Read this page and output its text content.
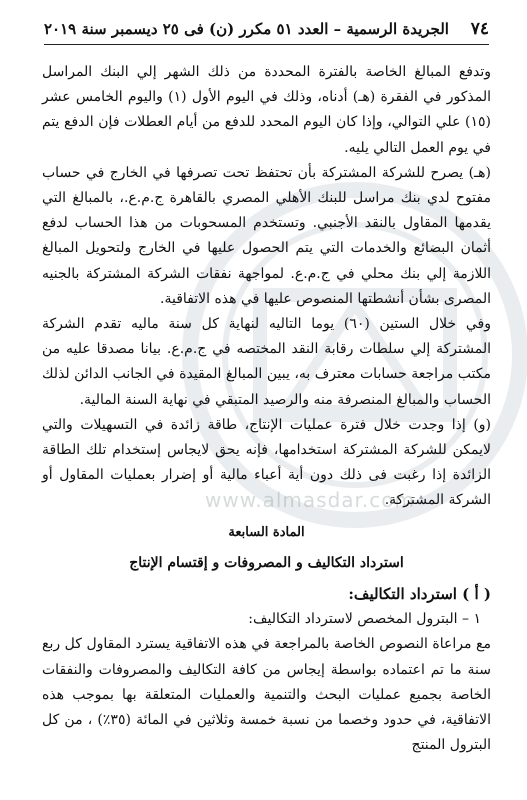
www.almasdar.com
٧٤
الجريدة الرسمية – العدد ٥١ مكرر (ن) فى ٢٥ ديسمبر سنة ٢٠١٩

وتدفع المبالغ الخاصة بالفترة المحددة من ذلك الشهر إلي البنك المراسل المذكور في الفقرة (هـ) أدناه، وذلك في اليوم الأول (١) واليوم الخامس عشر (١٥) علي التوالي، وإذا كان اليوم المحدد للدفع من أيام العطلات فإن الدفع يتم في يوم العمل التالي يليه.

(هـ) يصرح للشركة المشتركة بأن تحتفظ تحت تصرفها في الخارج في حساب مفتوح لدي بنك مراسل للبنك الأهلي المصري بالقاهرة ج.م.ع.، بالمبالغ التي يقدمها المقاول بالنقد الأجنبي. وتستخدم المسحوبات من هذا الحساب لدفع أثمان البضائع والخدمات التي يتم الحصول عليها في الخارج ولتحويل المبالغ اللازمة إلي بنك محلي في ج.م.ع. لمواجهة نفقات الشركة المشتركة بالجنيه المصرى بشأن أنشطتها المنصوص عليها في هذه الاتفاقية.

وفي خلال الستين (٦٠) يوما التاليه لنهاية كل سنة ماليه تقدم الشركة المشتركة إلي سلطات رقابة النقد المختصه في ج.م.ع. بيانا مصدقا عليه من مكتب مراجعة حسابات معترف به، يبين المبالغ المقيدة في الجانب الدائن لذلك الحساب والمبالغ المنصرفة منه والرصيد المتبقي في نهاية السنة المالية.

(و) إذا وجدت خلال فترة عمليات الإنتاج، طاقة زائدة في التسهيلات والتي لايمكن للشركة المشتركة استخدامها، فإنه يحق لايجاس إستخدام تلك الطاقة الزائدة إذا رغبت فى ذلك دون أية أعباء مالية أو إضرار بعمليات المقاول أو الشركة المشتركة.

المادة السابعة

استرداد التكاليف و المصروفات و إقتسام الإنتاج

( أ ) استرداد التكاليف:

١ – البترول المخصص لاسترداد التكاليف:

مع مراعاة النصوص الخاصة بالمراجعة في هذه الاتفاقية يسترد المقاول كل ربع سنة ما تم اعتماده بواسطة إيجاس من كافة التكاليف والمصروفات والنفقات الخاصة بجميع عمليات البحث والتنمية والعمليات المتعلقة بها بموجب هذه الاتفاقية، في حدود وخصما من نسبة خمسة وثلاثين في المائة (٣٥٪) ، من كل البترول المنتج
